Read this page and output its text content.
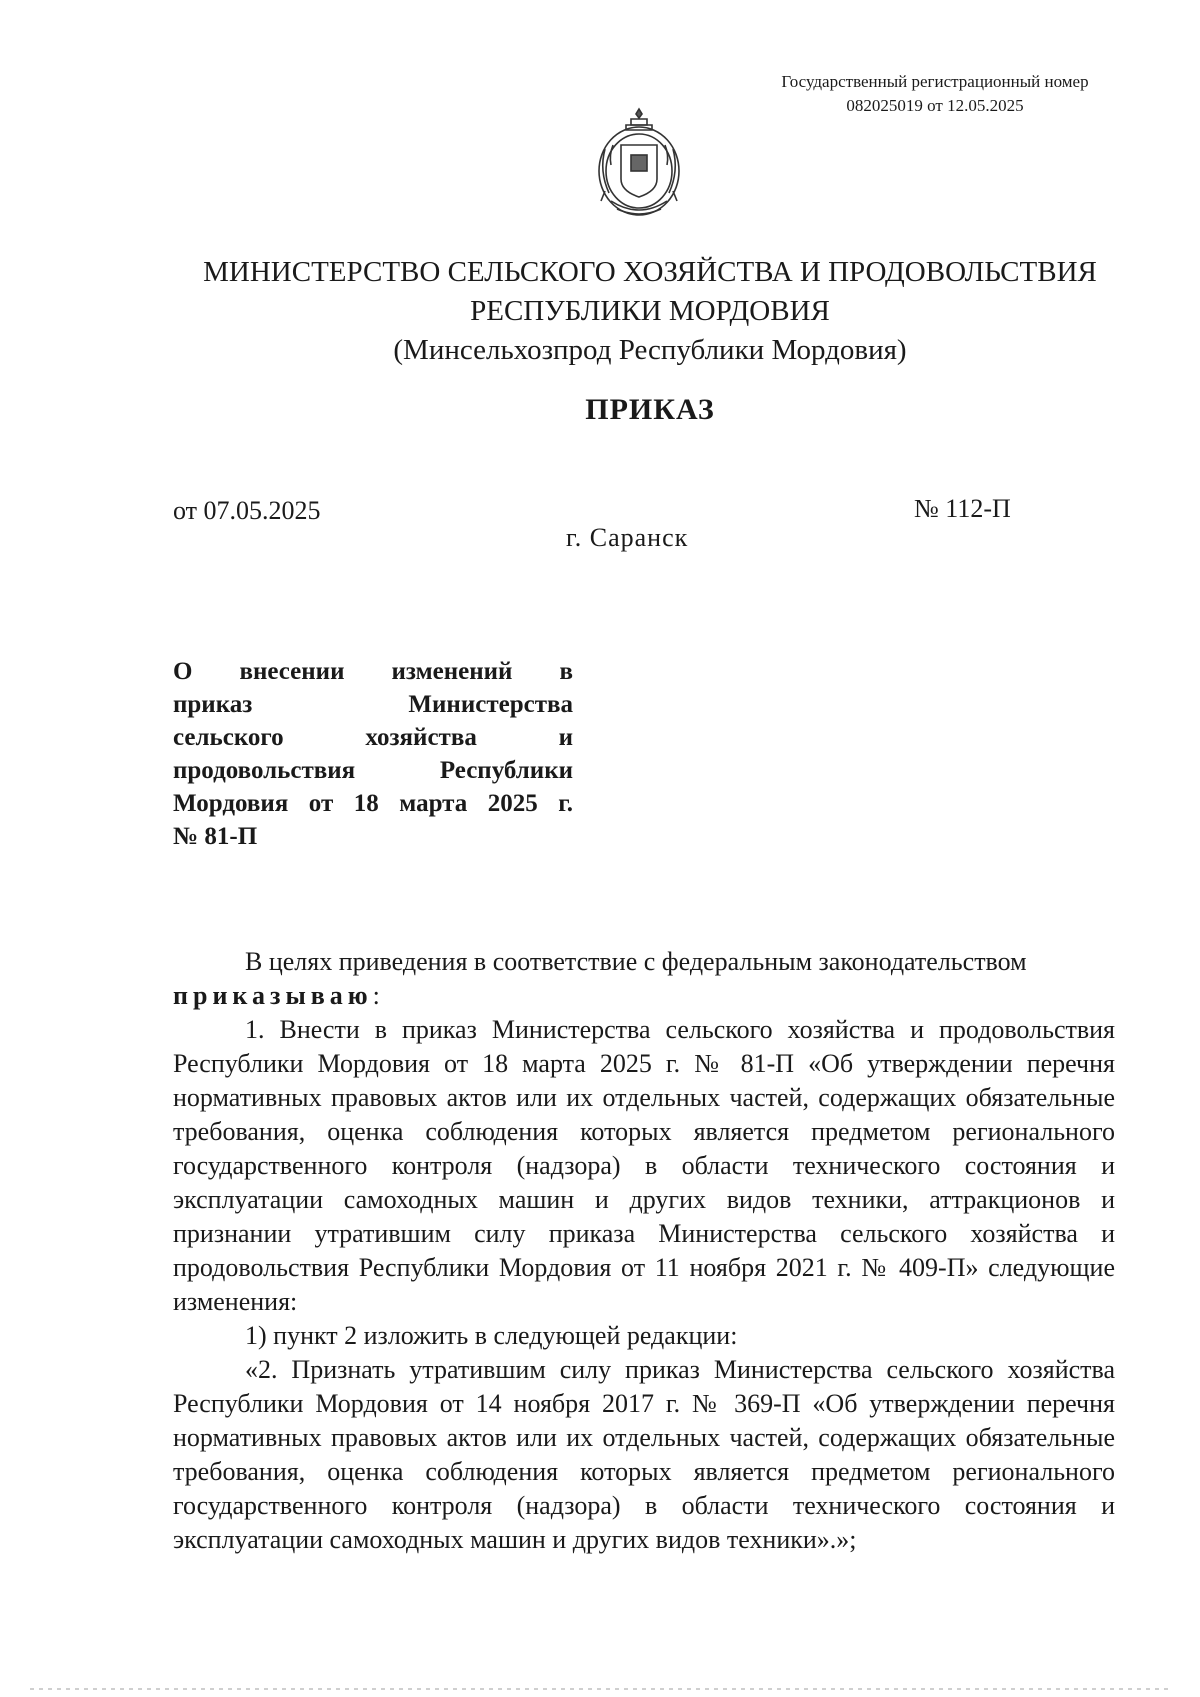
Государственный регистрационный номер
082025019 от 12.05.2025
МИНИСТЕРСТВО СЕЛЬСКОГО ХОЗЯЙСТВА И ПРОДОВОЛЬСТВИЯ
РЕСПУБЛИКИ МОРДОВИЯ
(Минсельхозпрод Республики Мордовия)
ПРИКАЗ
от 07.05.2025	№ 112-П
г. Саранск
О внесении изменений в
приказ Министерства
сельского хозяйства и
продовольствия Республики
Мордовия от 18 марта 2025 г.
№ 81-П

В целях приведения в соответствие с федеральным законодательством

приказываю:

1. Внести в приказ Министерства сельского хозяйства и продовольствия Республики Мордовия от 18 марта 2025 г. № 81-П «Об утверждении перечня нормативных правовых актов или их отдельных частей, содержащих обязательные требования, оценка соблюдения которых является предметом регионального государственного контроля (надзора) в области технического состояния и эксплуатации самоходных машин и других видов техники, аттракционов и признании утратившим силу приказа Министерства сельского хозяйства и продовольствия Республики Мордовия от 11 ноября 2021 г. № 409-П» следующие изменения:

1) пункт 2 изложить в следующей редакции:

«2. Признать утратившим силу приказ Министерства сельского хозяйства Республики Мордовия от 14 ноября 2017 г. № 369-П «Об утверждении перечня нормативных правовых актов или их отдельных частей, содержащих обязательные требования, оценка соблюдения которых является предметом регионального государственного контроля (надзора) в области технического состояния и эксплуатации самоходных машин и других видов техники».»;
